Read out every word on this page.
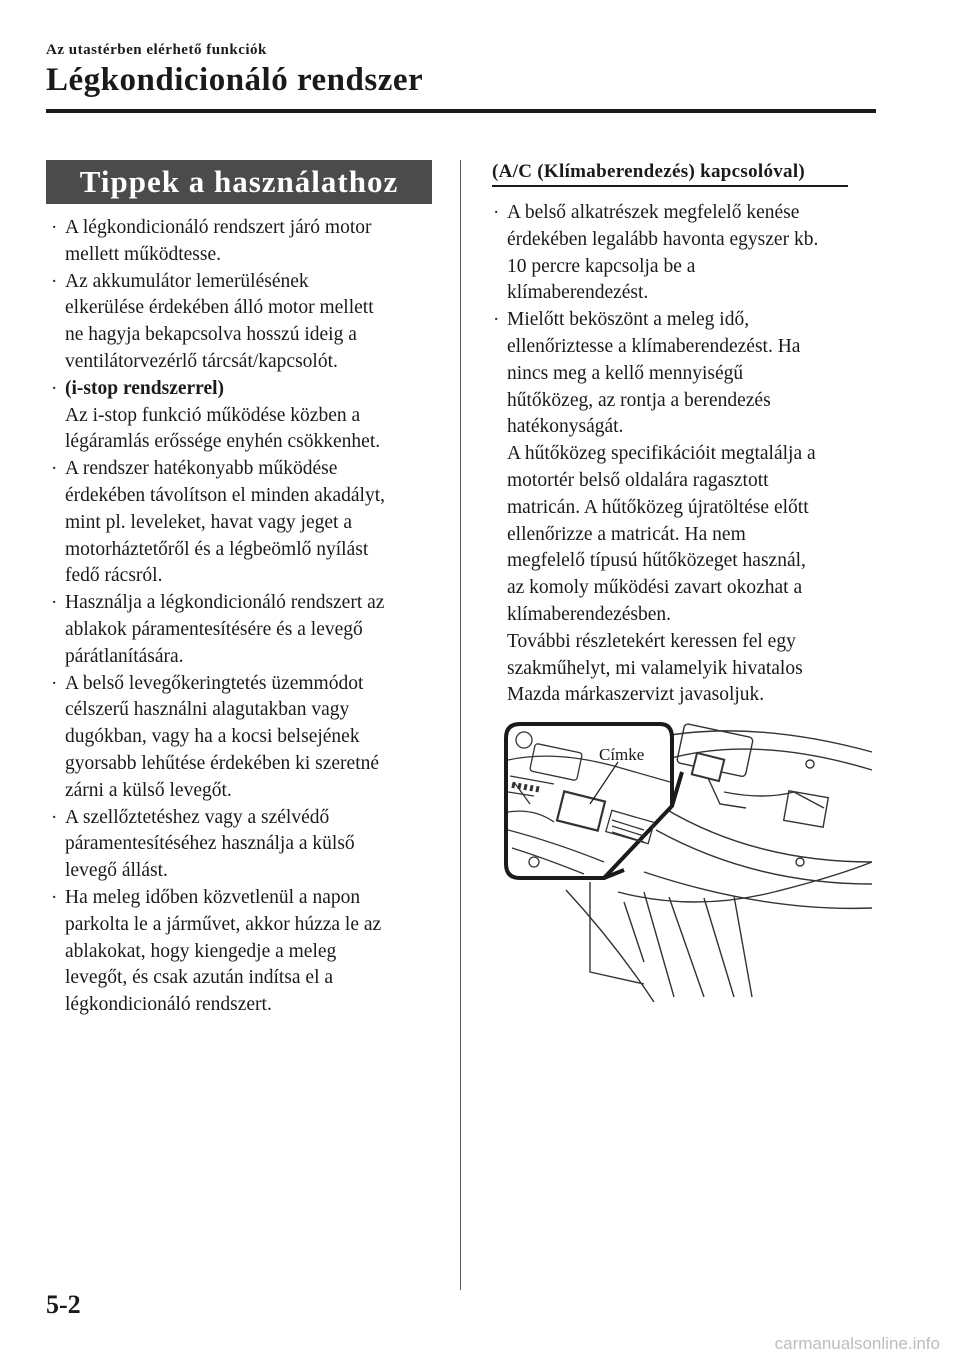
Az utastérben elérhető funkciók
Légkondicionáló rendszer
Tippek a használathoz
· A légkondicionáló rendszert járó motor
mellett működtesse.
· Az akkumulátor lemerülésének
elkerülése érdekében álló motor mellett
ne hagyja bekapcsolva hosszú ideig a
ventilátorvezérlő tárcsát/kapcsolót.
· (i-stop rendszerrel)
Az i-stop funkció működése közben a
légáramlás erőssége enyhén csökkenhet.
· A rendszer hatékonyabb működése
érdekében távolítson el minden akadályt,
mint pl. leveleket, havat vagy jeget a
motorháztetőről és a légbeömlő nyílást
fedő rácsról.
· Használja a légkondicionáló rendszert az
ablakok páramentesítésére és a levegő
párátlanítására.
· A belső levegőkeringtetés üzemmódot
célszerű használni alagutakban vagy
dugókban, vagy ha a kocsi belsejének
gyorsabb lehűtése érdekében ki szeretné
zárni a külső levegőt.
· A szellőztetéshez vagy a szélvédő
páramentesítéséhez használja a külső
levegő állást.
· Ha meleg időben közvetlenül a napon
parkolta le a járművet, akkor húzza le az
ablakokat, hogy kiengedje a meleg
levegőt, és csak azután indítsa el a
légkondicionáló rendszert.
(A/C (Klímaberendezés) kapcsolóval)
· A belső alkatrészek megfelelő kenése
érdekében legalább havonta egyszer kb.
10 percre kapcsolja be a
klímaberendezést.
· Mielőtt beköszönt a meleg idő,
ellenőriztesse a klímaberendezést. Ha
nincs meg a kellő mennyiségű
hűtőközeg, az rontja a berendezés
hatékonyságát.
A hűtőközeg specifikációit megtalálja a
motortér belső oldalára ragasztott
matricán. A hűtőközeg újratöltése előtt
ellenőrizze a matricát. Ha nem
megfelelő típusú hűtőközeget használ,
az komoly működési zavart okozhat a
klímaberendezésben.
További részletekért keressen fel egy
szakműhelyt, mi valamelyik hivatalos
Mazda márkaszervizt javasoljuk.
Címke
5-2
carmanualsonline.info
